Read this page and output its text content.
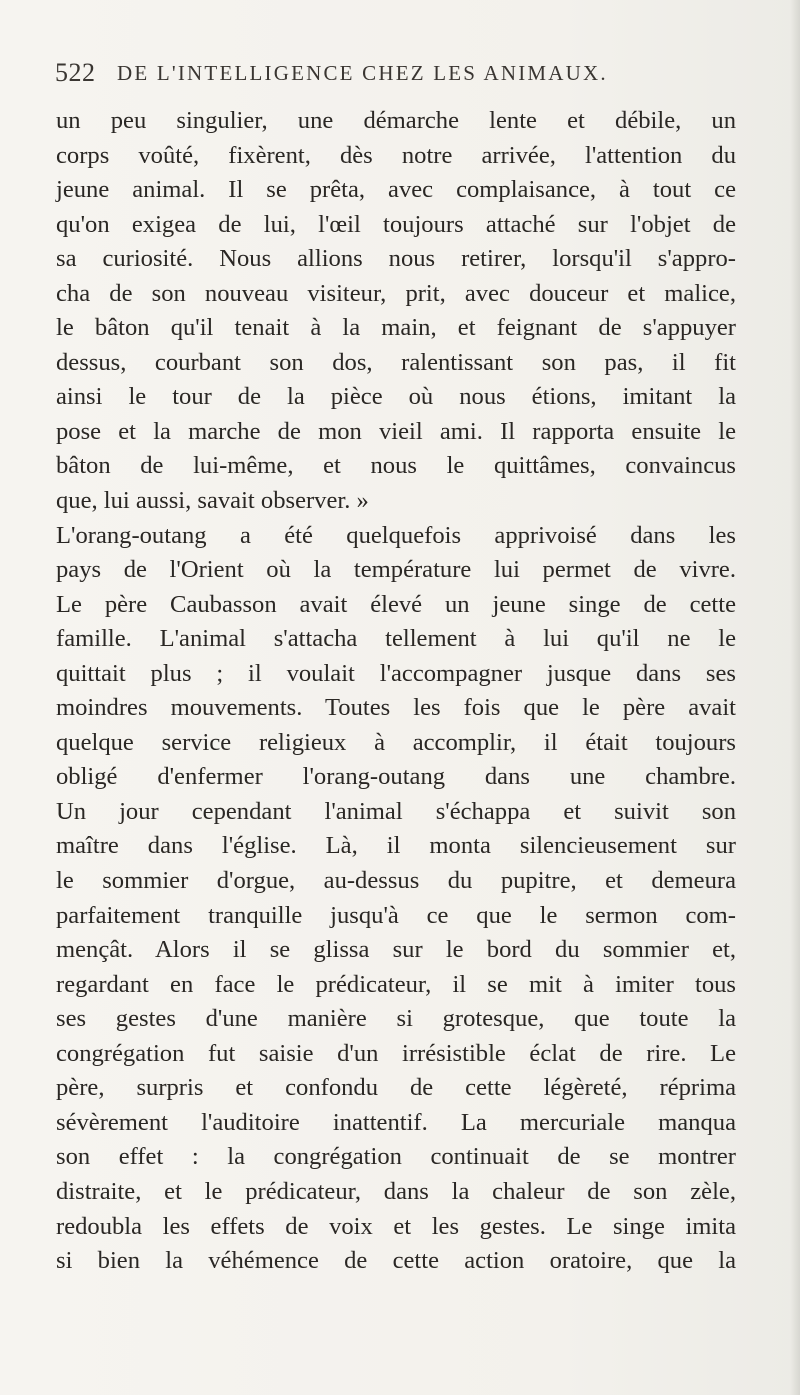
522 DE L'INTELLIGENCE CHEZ LES ANIMAUX.
un peu singulier, une démarche lente et débile, un
corps voûté, fixèrent, dès notre arrivée, l'attention du
jeune animal. Il se prêta, avec complaisance, à tout ce
qu'on exigea de lui, l'œil toujours attaché sur l'objet de
sa curiosité. Nous allions nous retirer, lorsqu'il s'appro-
cha de son nouveau visiteur, prit, avec douceur et malice,
le bâton qu'il tenait à la main, et feignant de s'appuyer
dessus, courbant son dos, ralentissant son pas, il fit
ainsi le tour de la pièce où nous étions, imitant la
pose et la marche de mon vieil ami. Il rapporta ensuite le
bâton de lui-même, et nous le quittâmes, convaincus
que, lui aussi, savait observer. »
L'orang-outang a été quelquefois apprivoisé dans les
pays de l'Orient où la température lui permet de vivre.
Le père Caubasson avait élevé un jeune singe de cette
famille. L'animal s'attacha tellement à lui qu'il ne le
quittait plus ; il voulait l'accompagner jusque dans ses
moindres mouvements. Toutes les fois que le père avait
quelque service religieux à accomplir, il était toujours
obligé d'enfermer l'orang-outang dans une chambre.
Un jour cependant l'animal s'échappa et suivit son
maître dans l'église. Là, il monta silencieusement sur
le sommier d'orgue, au-dessus du pupitre, et demeura
parfaitement tranquille jusqu'à ce que le sermon com-
mençât. Alors il se glissa sur le bord du sommier et,
regardant en face le prédicateur, il se mit à imiter tous
ses gestes d'une manière si grotesque, que toute la
congrégation fut saisie d'un irrésistible éclat de rire. Le
père, surpris et confondu de cette légèreté, réprima
sévèrement l'auditoire inattentif. La mercuriale manqua
son effet : la congrégation continuait de se montrer
distraite, et le prédicateur, dans la chaleur de son zèle,
redoubla les effets de voix et les gestes. Le singe imita
si bien la véhémence de cette action oratoire, que la
